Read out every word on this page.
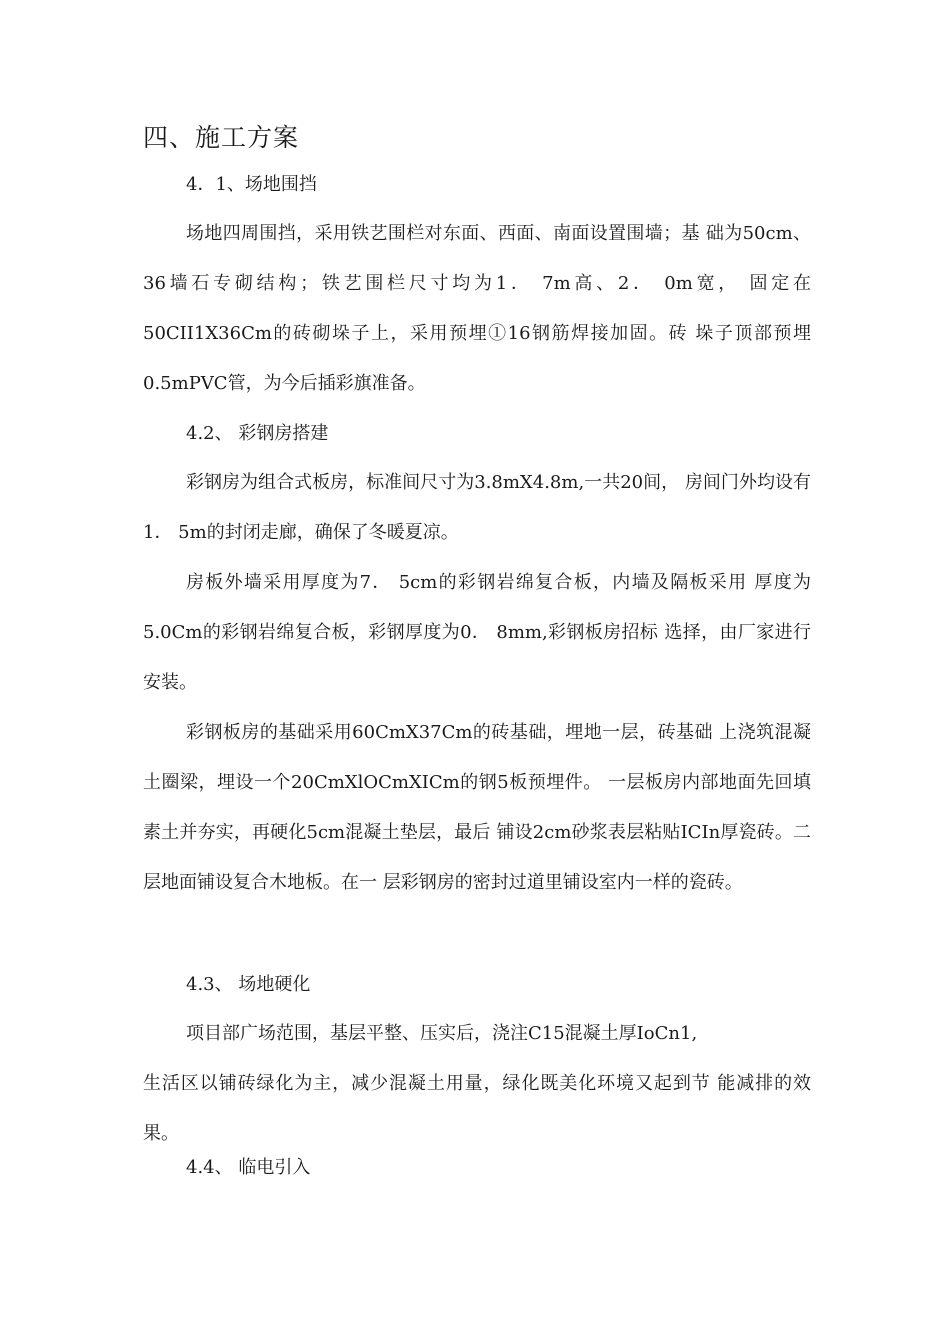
四、施工方案
4．1、场地围挡

场地四周围挡，采用铁艺围栏对东面、西面、南面设置围墙；基 础为50cm、36墙石专砌结构；铁艺围栏尺寸均为1． 7m高、2． 0m宽， 固定在50CII1X36Cm的砖砌垛子上，采用预埋①16钢筋焊接加固。砖 垛子顶部预埋0.5mPVC管，为今后插彩旗准备。

4.2、 彩钢房搭建

彩钢房为组合式板房，标准间尺寸为3.8mX4.8m,一共20间， 房间门外均设有1． 5m的封闭走廊，确保了冬暖夏凉。

房板外墙采用厚度为7． 5cm的彩钢岩绵复合板，内墙及隔板采用 厚度为5.0Cm的彩钢岩绵复合板，彩钢厚度为0． 8mm,彩钢板房招标 选择，由厂家进行安装。

彩钢板房的基础采用60CmX37Cm的砖基础，埋地一层，砖基础 上浇筑混凝土圈梁，埋设一个20CmXlOCmXICm的钢5板预埋件。 一层板房内部地面先回填素土并夯实，再硬化5cm混凝土垫层，最后 铺设2cm砂浆表层粘贴ICIn厚瓷砖。二层地面铺设复合木地板。在一 层彩钢房的密封过道里铺设室内一样的瓷砖。

4.3、 场地硬化

项目部广场范围，基层平整、压实后，浇注C15混凝土厚IoCn1,

生活区以铺砖绿化为主，减少混凝土用量，绿化既美化环境又起到节 能减排的效果。

4.4、 临电引入
